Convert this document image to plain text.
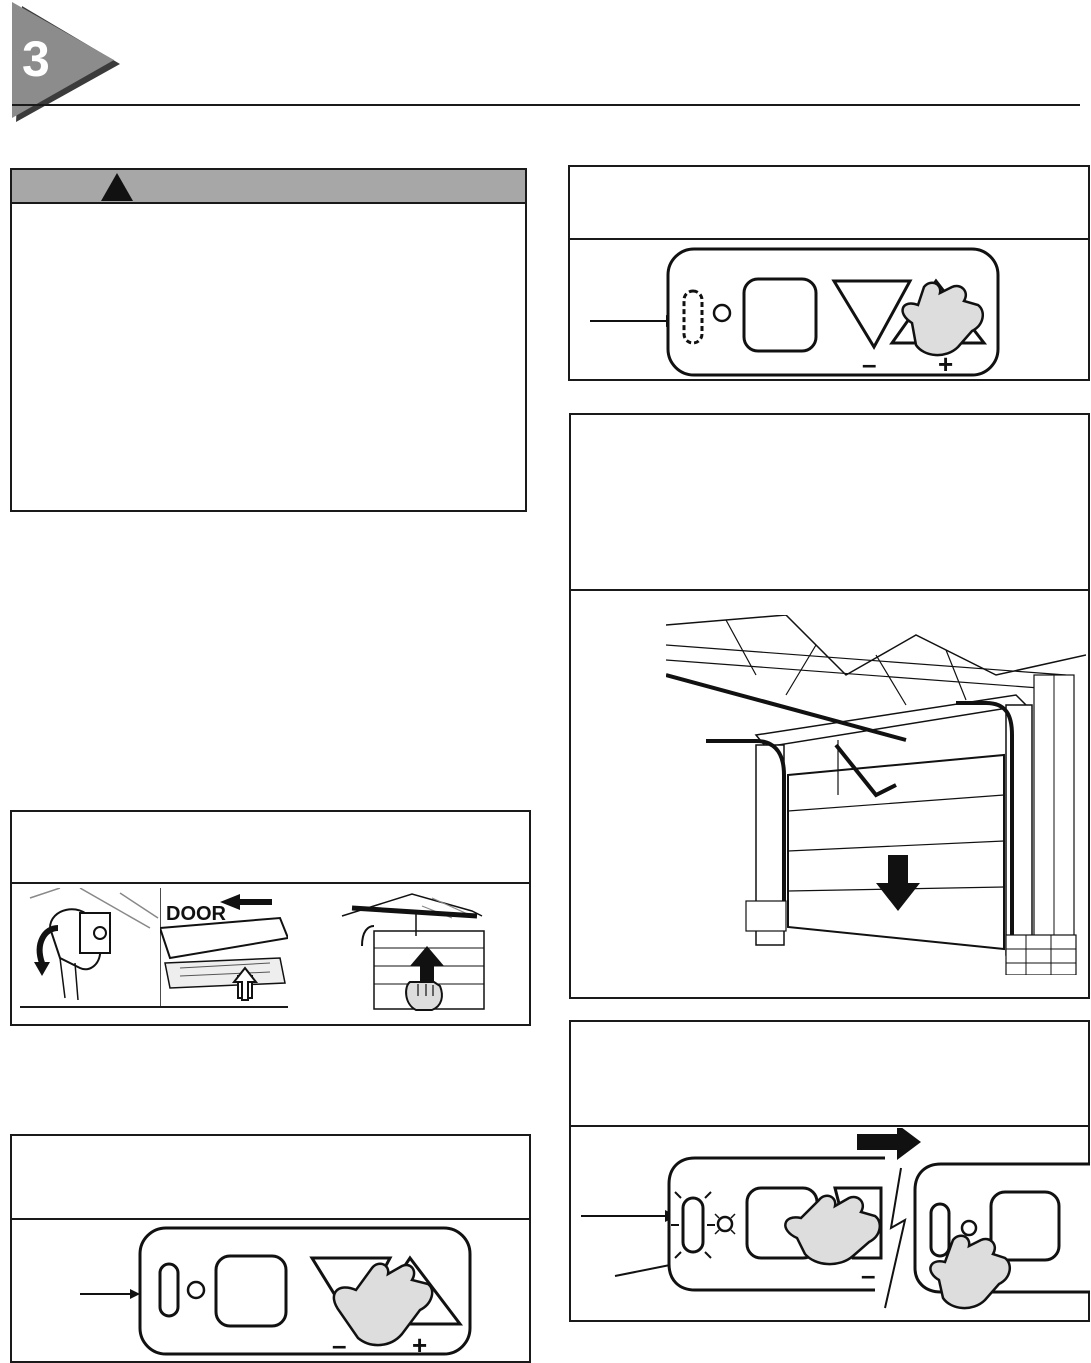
3
DOOR
–	+
– +
–
